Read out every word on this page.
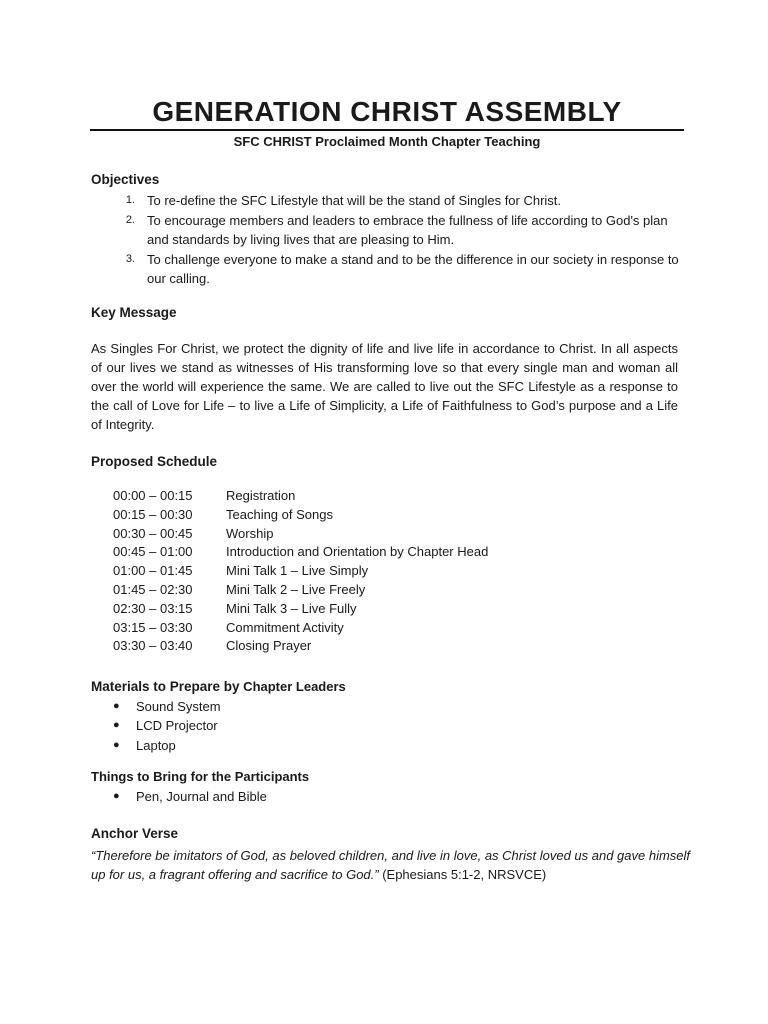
GENERATION CHRIST ASSEMBLY
SFC CHRIST Proclaimed Month Chapter Teaching
Objectives
1. To re-define the SFC Lifestyle that will be the stand of Singles for Christ.
2. To encourage members and leaders to embrace the fullness of life according to God's plan and standards by living lives that are pleasing to Him.
3. To challenge everyone to make a stand and to be the difference in our society in response to our calling.
Key Message
As Singles For Christ, we protect the dignity of life and live life in accordance to Christ. In all aspects of our lives we stand as witnesses of His transforming love so that every single man and woman all over the world will experience the same. We are called to live out the SFC Lifestyle as a response to the call of Love for Life – to live a Life of Simplicity, a Life of Faithfulness to God’s purpose and a Life of Integrity.
Proposed Schedule
00:00 – 00:15	Registration
00:15 – 00:30	Teaching of Songs
00:30 – 00:45	Worship
00:45 – 01:00	Introduction and Orientation by Chapter Head
01:00 – 01:45	Mini Talk 1 – Live Simply
01:45 – 02:30	Mini Talk 2 – Live Freely
02:30 – 03:15	Mini Talk 3 – Live Fully
03:15 – 03:30	Commitment Activity
03:30 – 03:40	Closing Prayer
Materials to Prepare by Chapter Leaders
●	Sound System
●	LCD Projector
●	Laptop
Things to Bring for the Participants
●	Pen, Journal and Bible
Anchor Verse
“Therefore be imitators of God, as beloved children, and live in love, as Christ loved us and gave himself up for us, a fragrant offering and sacrifice to God.” (Ephesians 5:1-2, NRSVCE)
